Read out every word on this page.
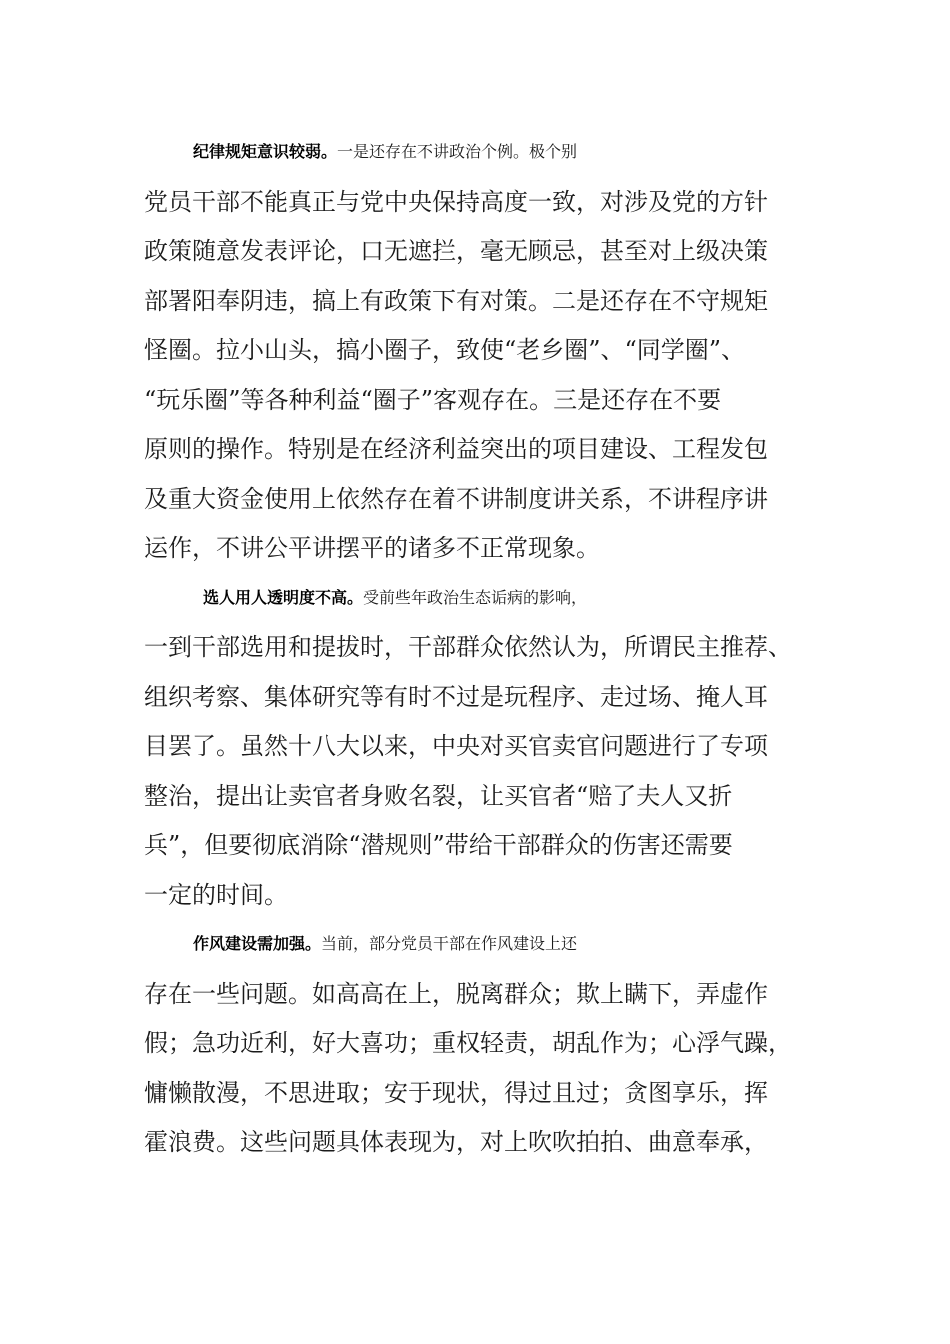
纪律规矩意识较弱。一是还存在不讲政治个例。极个别
党员干部不能真正与党中央保持高度一致，对涉及党的方针
政策随意发表评论，口无遮拦，毫无顾忌，甚至对上级决策
部署阳奉阴违，搞上有政策下有对策。二是还存在不守规矩
怪圈。拉小山头，搞小圈子，致使“老乡圈”、“同学圈”、
“玩乐圈”等各种利益“圈子”客观存在。三是还存在不要
原则的操作。特别是在经济利益突出的项目建设、工程发包
及重大资金使用上依然存在着不讲制度讲关系，不讲程序讲
运作，不讲公平讲摆平的诸多不正常现象。
选人用人透明度不高。受前些年政治生态诟病的影响，
一到干部选用和提拔时，干部群众依然认为，所谓民主推荐、
组织考察、集体研究等有时不过是玩程序、走过场、掩人耳
目罢了。虽然十八大以来，中央对买官卖官问题进行了专项
整治，提出让卖官者身败名裂，让买官者“赔了夫人又折
兵”，但要彻底消除“潜规则”带给干部群众的伤害还需要
一定的时间。
作风建设需加强。当前，部分党员干部在作风建设上还
存在一些问题。如高高在上，脱离群众；欺上瞒下，弄虚作
假；急功近利，好大喜功；重权轻责，胡乱作为；心浮气躁，
慵懒散漫，不思进取；安于现状，得过且过；贪图享乐，挥
霍浪费。这些问题具体表现为，对上吹吹拍拍、曲意奉承，
